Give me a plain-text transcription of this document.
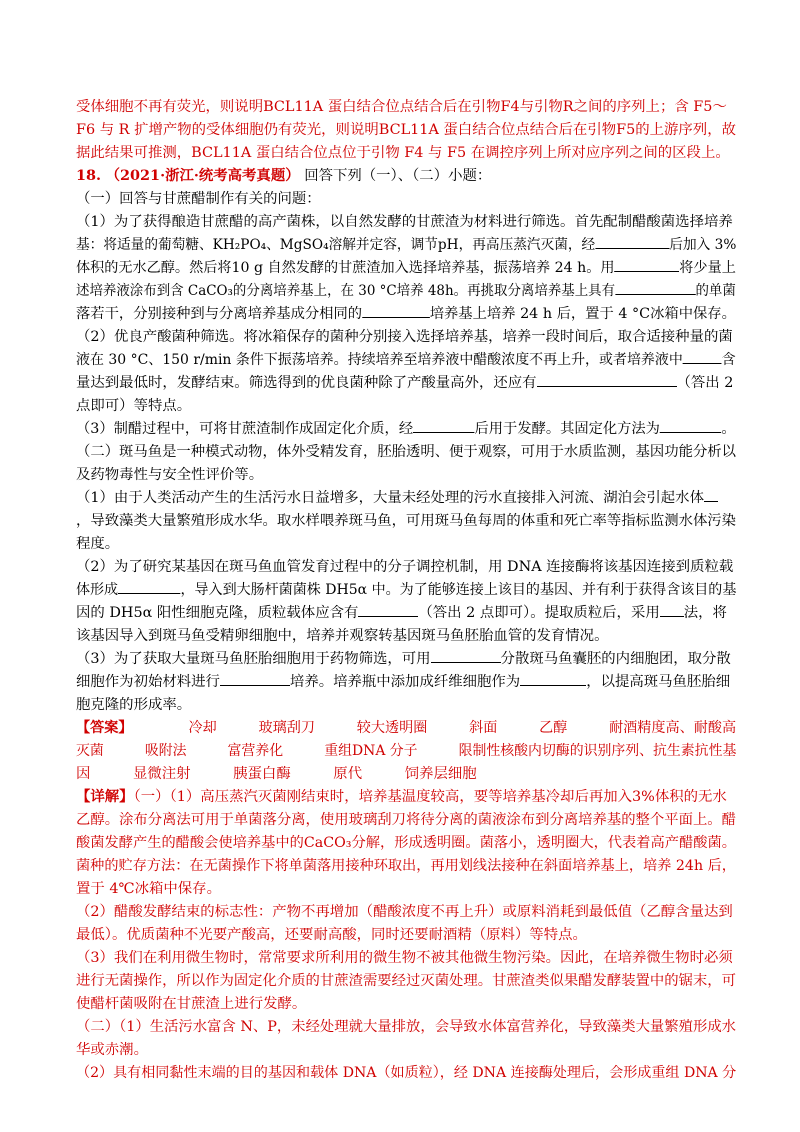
受体细胞不再有荧光，则说明BCL11A 蛋白结合位点结合后在引物F4与引物R之间的序列上；含 F5～
F6 与 R 扩增产物的受体细胞仍有荧光，则说明BCL11A 蛋白结合位点结合后在引物F5的上游序列，故
据此结果可推测，BCL11A 蛋白结合位点位于引物 F4 与 F5 在调控序列上所对应序列之间的区段上。
18. （2021·浙江·统考高考真题） 回答下列（一）、（二）小题：
（一）回答与甘蔗醋制作有关的问题：
（1）为了获得酿造甘蔗醋的高产菌株，以自然发酵的甘蔗渣为材料进行筛选。首先配制醋酸菌选择培养
基：将适量的葡萄糖、KH₂PO₄、MgSO₄溶解并定容，调节pH，再高压蒸汽灭菌，经	后加入 3%
体积的无水乙醇。然后将10 g 自然发酵的甘蔗渣加入选择培养基，振荡培养 24 h。用	将少量上
述培养液涂布到含 CaCO₃的分离培养基上，在 30 °C培养 48h。再挑取分离培养基上具有	的单菌
落若干，分别接种到与分离培养基成分相同的	培养基上培养 24 h 后，置于 4 °C冰箱中保存。
（2）优良产酸菌种筛选。将冰箱保存的菌种分别接入选择培养基，培养一段时间后，取合适接种量的菌
液在 30 °C、150 r/min 条件下振荡培养。持续培养至培养液中醋酸浓度不再上升，或者培养液中	含
量达到最低时，发酵结束。筛选得到的优良菌种除了产酸量高外，还应有	（答出 2
点即可）等特点。
（3）制醋过程中，可将甘蔗渣制作成固定化介质，经	后用于发酵。其固定化方法为	。
（二）斑马鱼是一种模式动物，体外受精发育，胚胎透明、便于观察，可用于水质监测，基因功能分析以
及药物毒性与安全性评价等。
（1）由于人类活动产生的生活污水日益增多，大量未经处理的污水直接排入河流、湖泊会引起水体
，导致藻类大量繁殖形成水华。取水样喂养斑马鱼，可用斑马鱼每周的体重和死亡率等指标监测水体污染
程度。
（2）为了研究某基因在斑马鱼血管发育过程中的分子调控机制，用 DNA 连接酶将该基因连接到质粒载
体形成	，导入到大肠杆菌菌株 DH5α 中。为了能够连接上该目的基因、并有利于获得含该目的基
因的 DH5α 阳性细胞克隆，质粒载体应含有	（答出 2 点即可）。提取质粒后，采用 法，将
该基因导入到斑马鱼受精卵细胞中，培养并观察转基因斑马鱼胚胎血管的发育情况。
（3）为了获取大量斑马鱼胚胎细胞用于药物筛选，可用	分散斑马鱼囊胚的内细胞团，取分散
细胞作为初始材料进行	培养。培养瓶中添加成纤维细胞作为	，以提高斑马鱼胚胎细
胞克隆的形成率。
【答案】	冷却	玻璃刮刀	较大透明圈	斜面	乙醇	耐酒精度高、耐酸高
灭菌	吸附法	富营养化	重组DNA 分子	限制性核酸内切酶的识别序列、抗生素抗性基
因	显微注射	胰蛋白酶	原代	饲养层细胞
【详解】（一）（1）高压蒸汽灭菌刚结束时，培养基温度较高，要等培养基冷却后再加入3%体积的无水
乙醇。涂布分离法可用于单菌落分离，使用玻璃刮刀将待分离的菌液涂布到分离培养基的整个平面上。醋
酸菌发酵产生的醋酸会使培养基中的CaCO₃分解，形成透明圈。菌落小，透明圈大，代表着高产醋酸菌。
菌种的贮存方法：在无菌操作下将单菌落用接种环取出，再用划线法接种在斜面培养基上，培养 24h 后，
置于 4℃冰箱中保存。
（2）醋酸发酵结束的标志性：产物不再增加（醋酸浓度不再上升）或原料消耗到最低值（乙醇含量达到
最低）。优质菌种不光要产酸高，还要耐高酸，同时还要耐酒精（原料）等特点。
（3）我们在利用微生物时，常常要求所利用的微生物不被其他微生物污染。因此，在培养微生物时必须
进行无菌操作，所以作为固定化介质的甘蔗渣需要经过灭菌处理。甘蔗渣类似果醋发酵装置中的锯末，可
使醋杆菌吸附在甘蔗渣上进行发酵。
（二）（1）生活污水富含 N、P，未经处理就大量排放，会导致水体富营养化，导致藻类大量繁殖形成水
华或赤潮。
（2）具有相同黏性末端的目的基因和载体 DNA（如质粒），经 DNA 连接酶处理后，会形成重组 DNA 分
